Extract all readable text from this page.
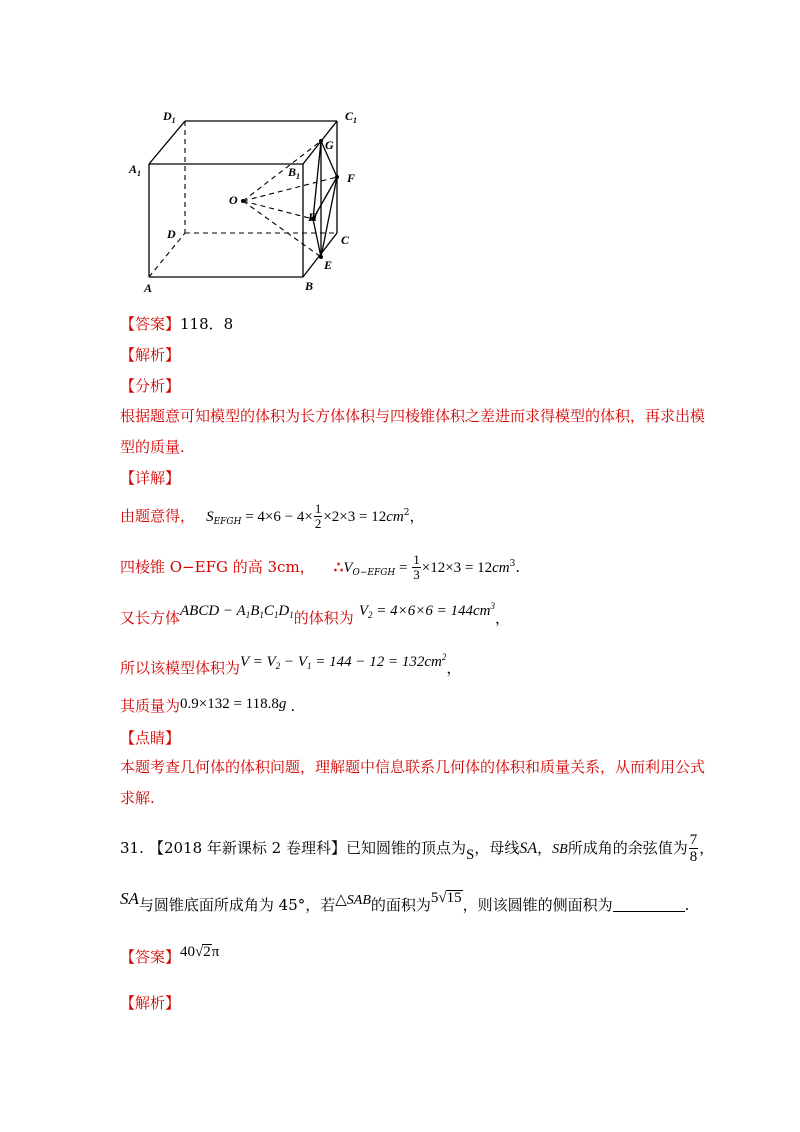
$D_1$	$C_1$
$A_1$	$B_1$
G
F
O
H
D	C
E
A	B
【答案】118．8
【解析】
【分析】
根据题意可知模型的体积为长方体体积与四棱锥体积之差进而求得模型的体积，再求出模
型的质量.
【详解】
由题意得， $S_{EFGH} = 4\times 6 - 4\times \frac{1}{2} \times 2\times 3 = 12cm^2$，
四棱锥 O−EFG 的高 3cm， $\therefore V_{O-EFGH} = \frac{1}{3} \times 12\times 3 = 12cm^3$.
又长方体ABCD − $A_1B_1C_1D_1$的体积为 $V_2 = 4\times 6\times 6 = 144cm^3$，
所以该模型体积为$V = V_2 - V_1 = 144 - 12 = 132cm^2$，
其质量为0.9×132 = 118.8g .
【点睛】
本题考查几何体的体积问题，理解题中信息联系几何体的体积和质量关系，从而利用公式
求解.
31. 【2018 年新课标 2 卷理科】已知圆锥的顶点为S，母线SA，SB所成角的余弦值为 $\frac{7}{8}$ ，
SA与圆锥底面所成角为 45°，若△SAB的面积为5√15，则该圆锥的侧面积为	.
【答案】40√2π
【解析】
